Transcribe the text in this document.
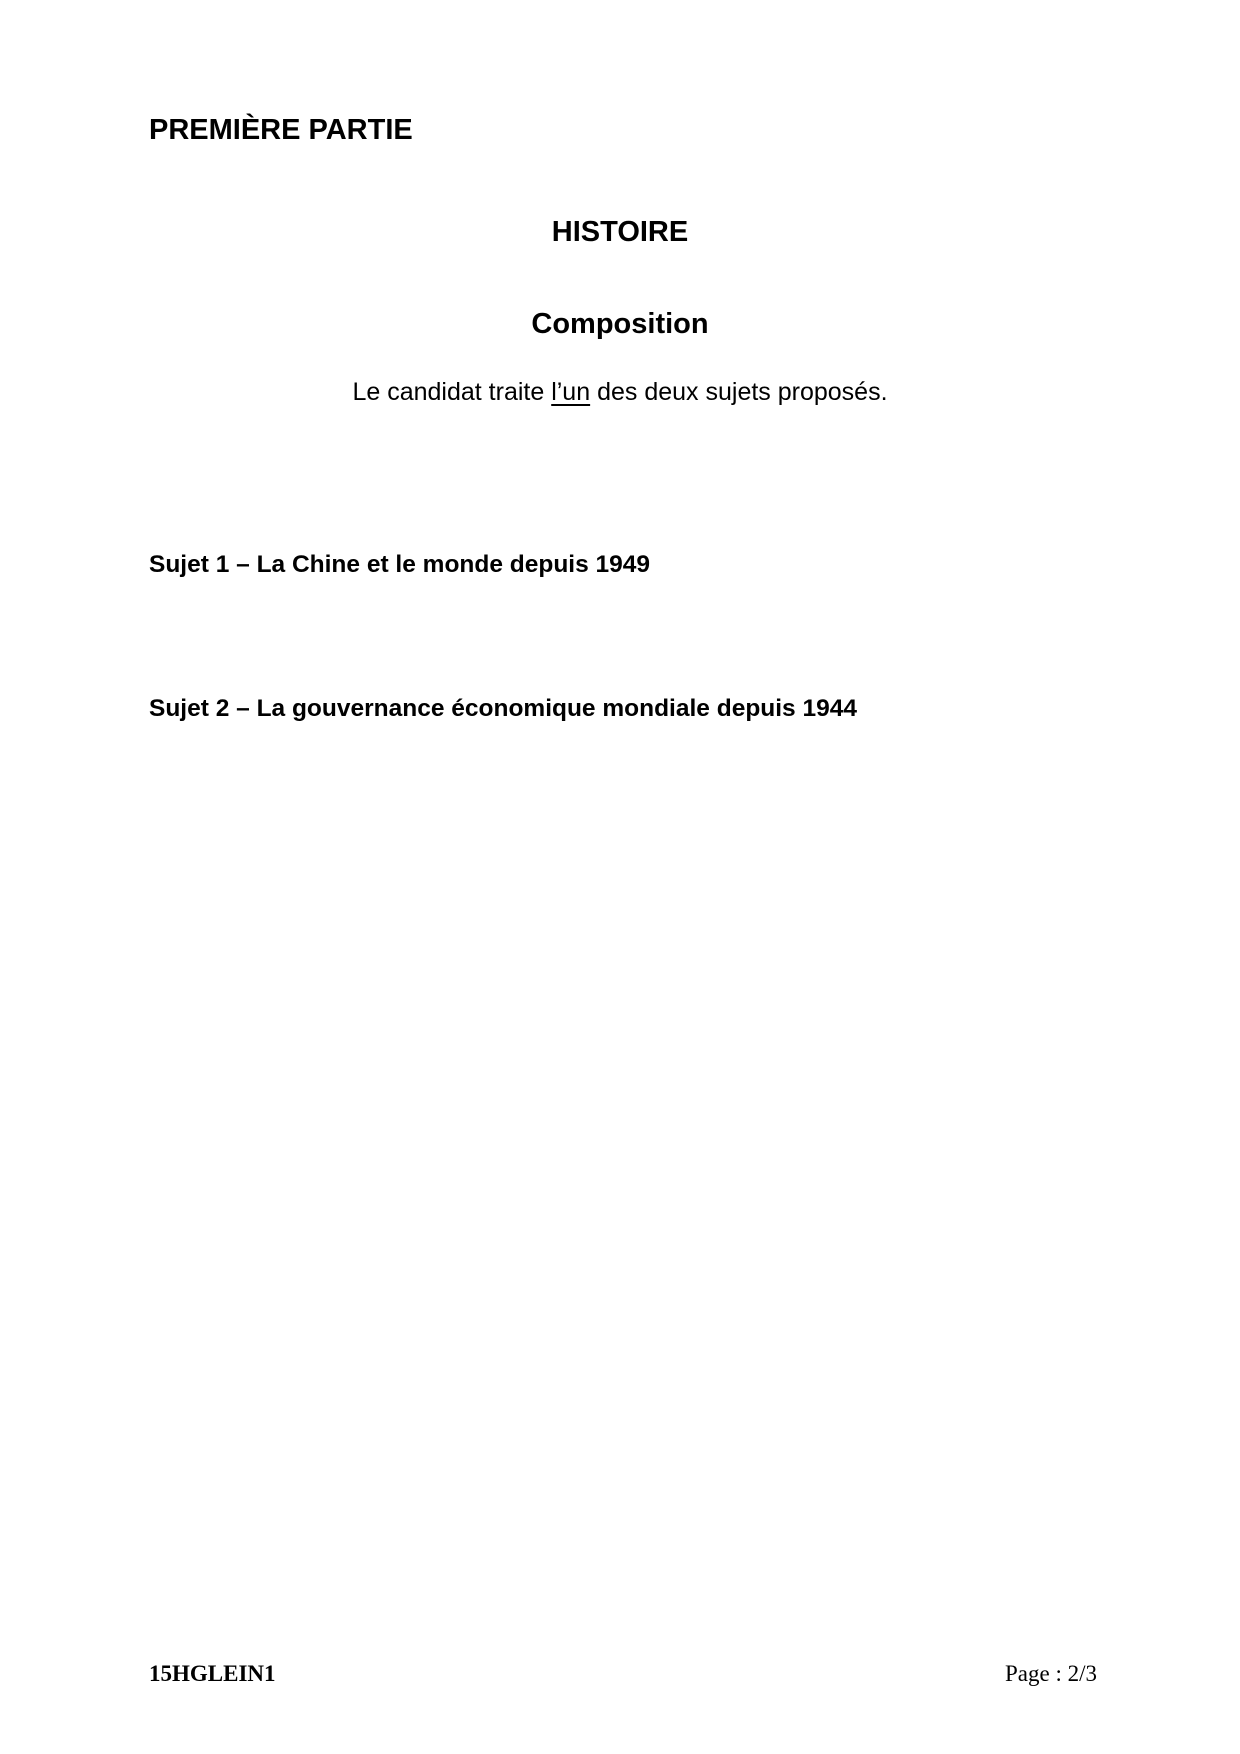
PREMIÈRE PARTIE
HISTOIRE
Composition

Le candidat traite l’un des deux sujets proposés.

Sujet 1 – La Chine et le monde depuis 1949

Sujet 2 – La gouvernance économique mondiale depuis 1944

15HGLEIN1	Page : 2/3
